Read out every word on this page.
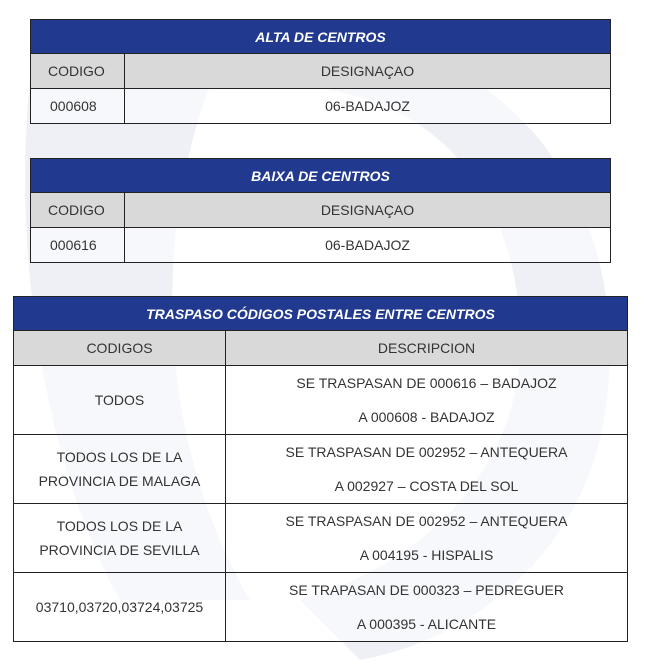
ALTA DE CENTROS	
CODIGO	DESIGNAÇAO
000608	06-BADAJOZ
BAIXA DE CENTROS	
CODIGO	DESIGNAÇAO
000616	06-BADAJOZ
TRASPASO CÓDIGOS POSTALES ENTRE CENTROS	
CODIGOS	DESCRIPCION
TODOS	SE TRASPASAN DE 000616 – BADAJOZ
A 000608 - BADAJOZ

TODOS LOS DE LA PROVINCIA DE MALAGA	SE TRASPASAN DE 002952 – ANTEQUERA
A 002927 – COSTA DEL SOL

TODOS LOS DE LA PROVINCIA DE SEVILLA	SE TRASPASAN DE 002952 – ANTEQUERA
A 004195 - HISPALIS

03710,03720,03724,03725	SE TRAPASAN DE 000323 – PEDREGUER
A 000395 - ALICANTE
